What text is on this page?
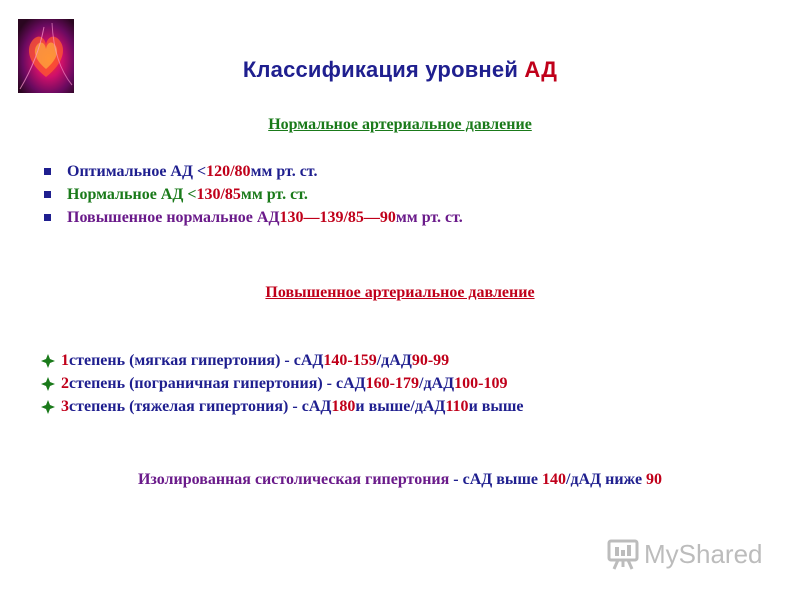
Классификация уровней АД
Нормальное артериальное давление
Оптимальное АД < 120/80 мм рт. ст.
Нормальное АД < 130/85 мм рт. ст.
Повышенное нормальное АД 130—139/85—90 мм рт. ст.
Повышенное артериальное давление
1 степень (мягкая гипертония) - сАД 140-159 /дАД 90-99
2 степень (пограничная гипертония) - сАД 160-179 /дАД 100-109
3 степень (тяжелая гипертония) - сАД 180 и выше/дАД 110 и выше

Изолированная систолическая гипертония - сАД выше 140/дАД ниже 90

MyShared
